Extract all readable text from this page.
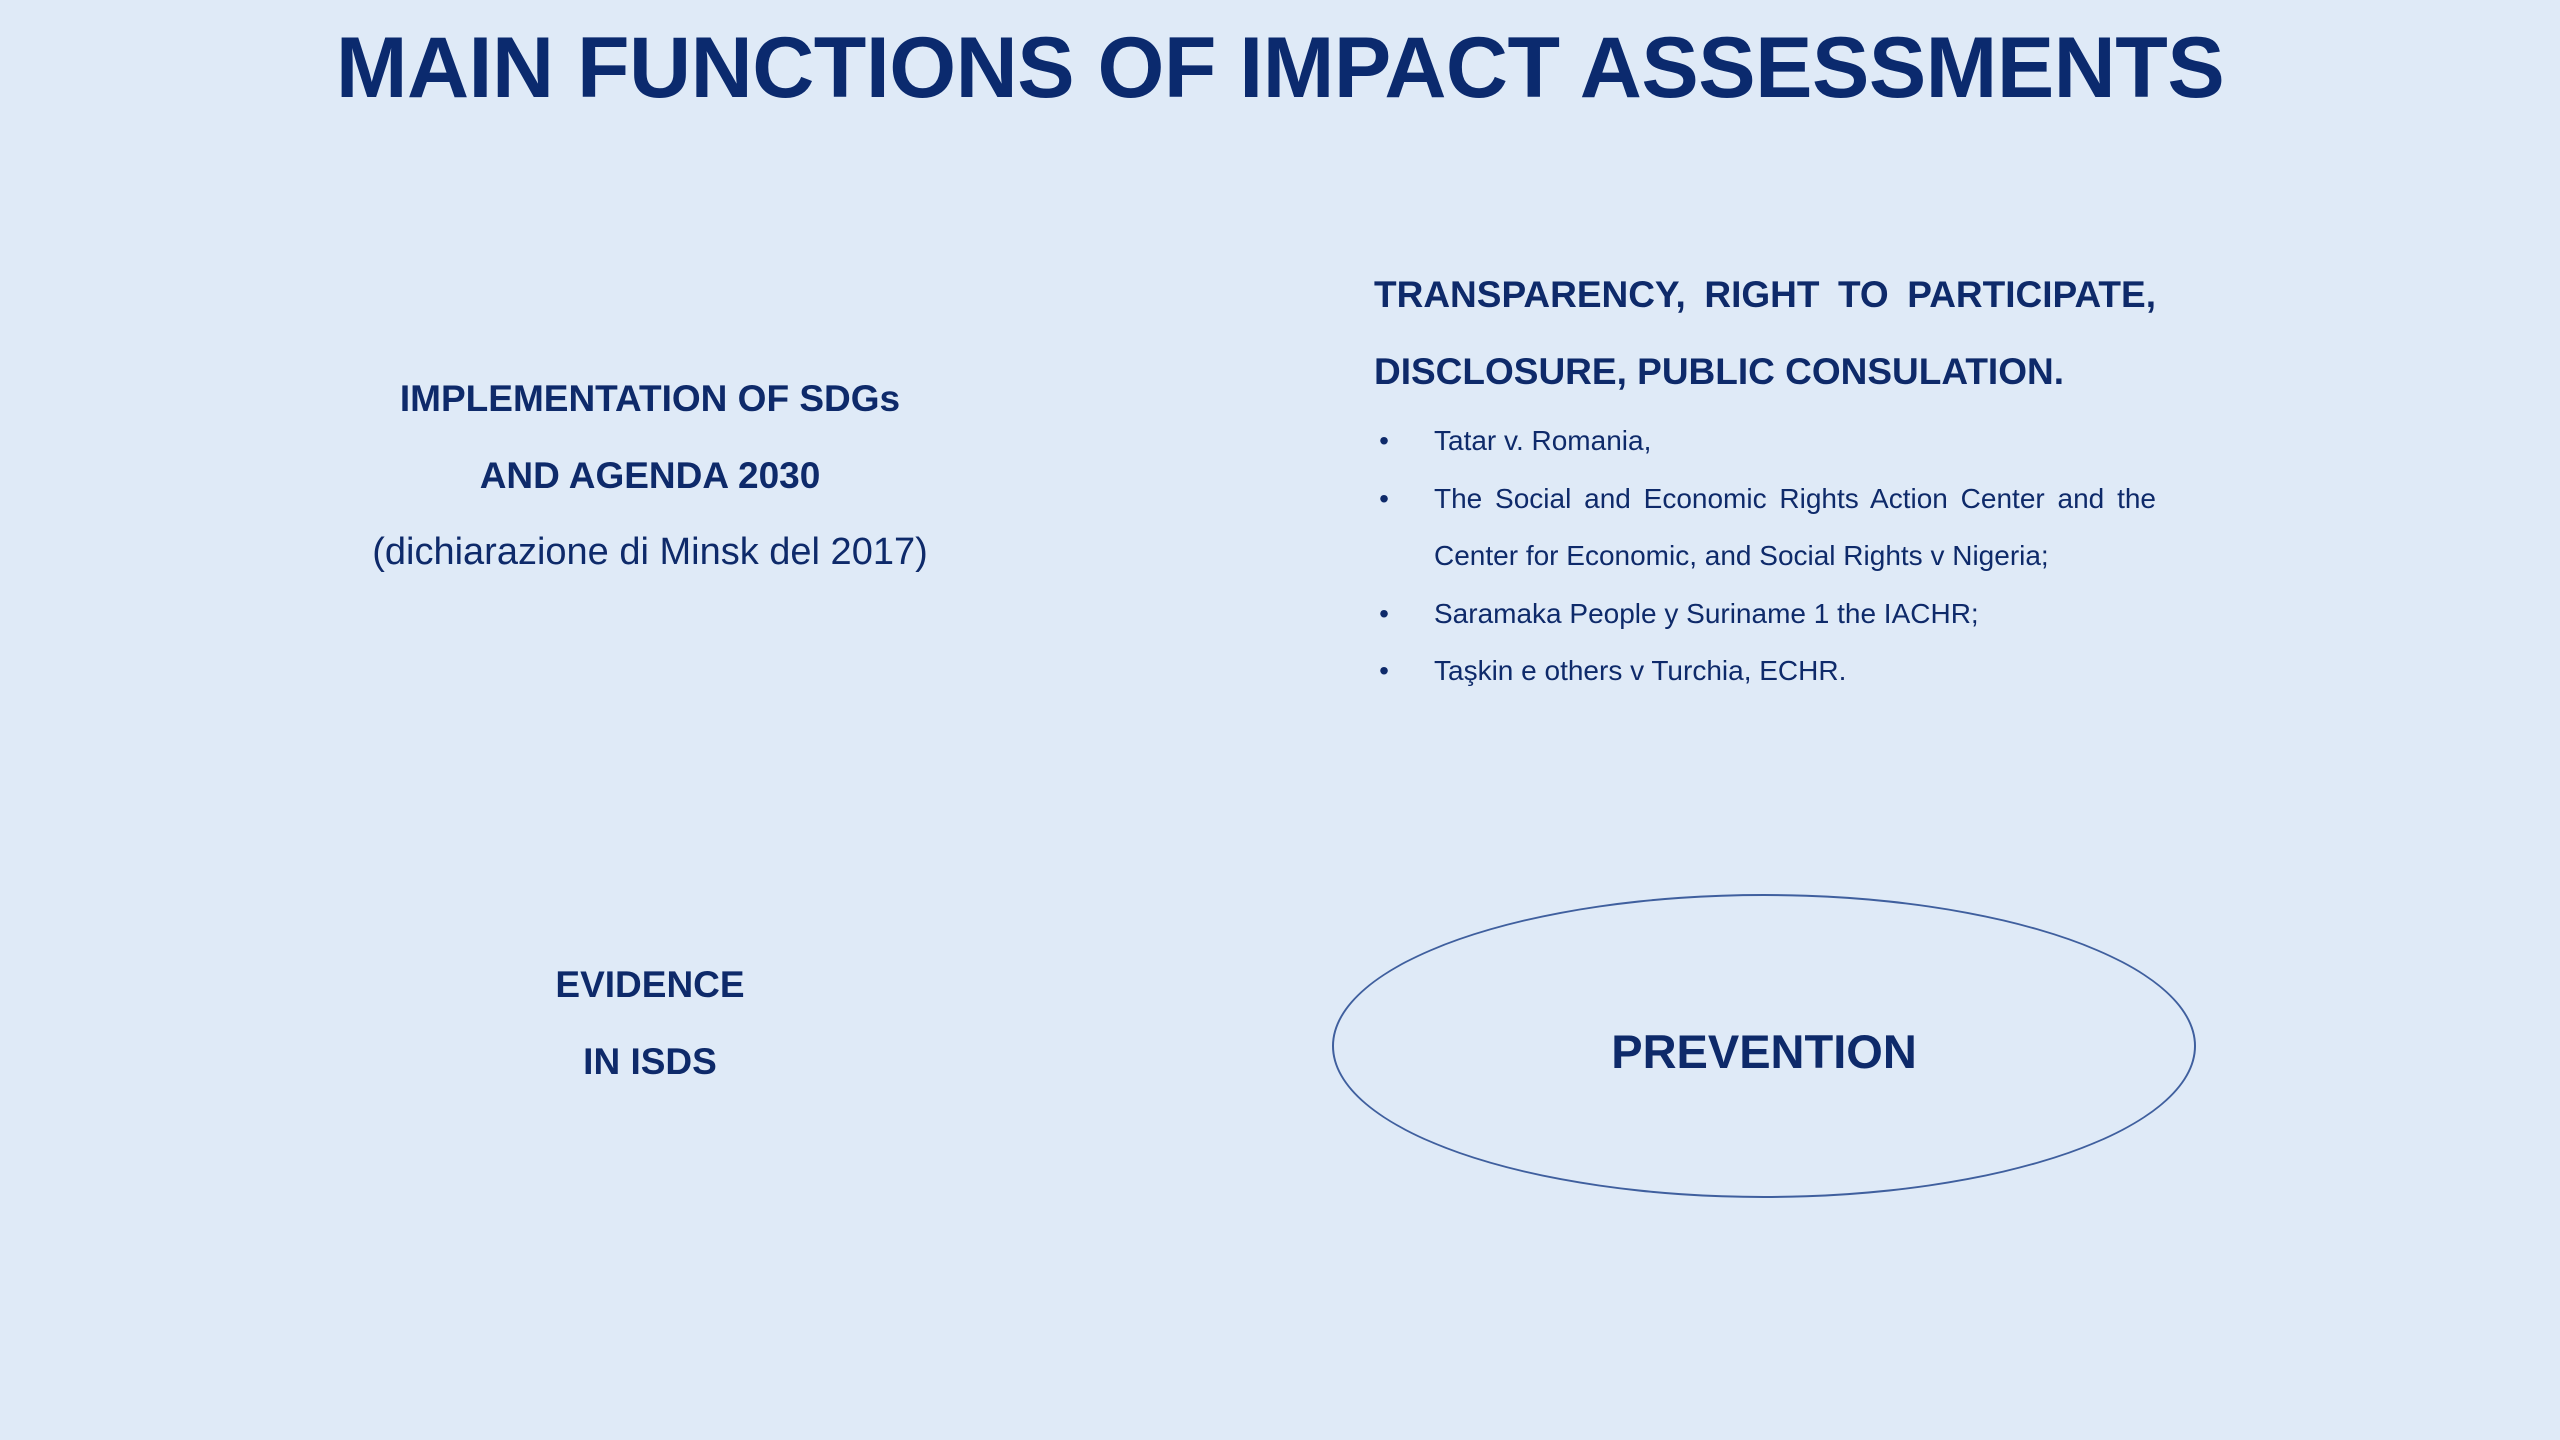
MAIN FUNCTIONS OF IMPACT ASSESSMENTS
IMPLEMENTATION OF SDGs
AND AGENDA 2030
(dichiarazione di Minsk del 2017)
TRANSPARENCY, RIGHT TO PARTICIPATE,
DISCLOSURE, PUBLIC CONSULATION.
• Tatar v. Romania,
• The Social and Economic Rights Action Center and the Center for Economic, and Social Rights v Nigeria;
• Saramaka People y Suriname 1 the IACHR;
• Taşkin e others v Turchia, ECHR.
EVIDENCE
IN ISDS	PREVENTION
